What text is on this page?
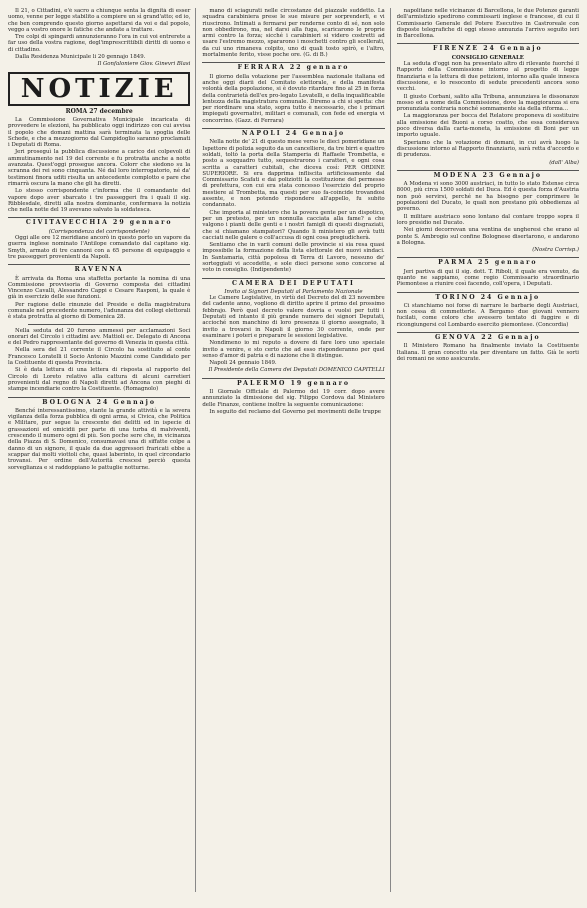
Il 21, o Cittadini, e'è sacro a chiunque senta la dignità di esser uomo, venne per legge stabilito a compiere un sì grand'atto; ed io, che ben comprendo questo giorno aspettarsi da voi e dal popolo, veggo a vostro onore le fatiche che andate a trattare.

Tre colpi di spingardi annunzieranno l'ora in cui voi entrerete a far uso della vostra ragione, degl'imprescrittibili diritti di uomo e di cittadino.

Dalla Residenza Municipale li 20 gennajo 1849.

Il Gonfaloniere Giov. Ginevri Blasi
NOTIZIE
ROMA 27 decembre

La Commissione Governativa Municipale incaricata di provvedere le elezioni, ha pubblicato oggi indirizzo con cui avvisa il popolo che domani mattina sarà terminata la spoglia delle Schede, e che a mezzogiorno dal Campidoglio saranno proclamati i Deputati di Roma.

Jeri proseguì la pubblica discussione a carico dei colpevoli di ammutinamento nel 19 del corrente e fu protratta anche a notte avanzata. Quest'oggi prosegue ancora. Colorr che siedono su la scranna dei rei sono cinquanta. Né dal loro interrogatorio, né da' testimoni finora uditi risulta un antecedente complotto e pare che rimarrà oscura la mano che gli ha diretti.

Lo stesso corrispondente c'informa che il comandante del vapore dopo aver sbarcato i tre passeggeri fra i quali il sig. Ribblesdale, diretti alla nostra dominante, confermava la notizia che nella notte del 19 avevano salvato la soldatesca.

CIVITAVECCHIA 29 gennaro
(Corrispondenza del corrispondente)

Oggi alle ore 12 meridiane ancorò in questo porto un vapore da guerra inglese nominato l'Antilope comandato dal capitano sig. Smyth, armato di tre cannoni con a 65 persone di equipaggio e tre passeggeri provenienti da Napoli.

RAVENNA

È arrivata da Roma una staffetta portante la nomina di una Commissione provvisoria di Governo composta dei cittadini Vincenzo Cavalli, Alessandro Cappi e Cesare Rasponi, la quale è già in esercizio delle sue funzioni.

Per ragione delle rinunzie del Preside e della magistratura comunale nel precedente numero, l'adunanza dei collegi elettorali è stata protratta al giorno di Domenica 28.

Nella seduta del 20 furono ammessi per acclamazioni Soci onorari del Circolo i cittadini avv. Mattioli ec. Delegato di Ancona e del Pedro rappresentante del governo di Venezia in questa città.

Nella sera del 21 corrente il Circolo ha sostituito al conte Francesco Loratelli il Socio Antonio Mazzini come Candidato per la Costituente di questa Provincia.

Si è data lettura di una lettera di risposta al rapporto del Circolo di Loreto relativo alla cattura di alcuni carretieri provenienti dal regno di Napoli diretti ad Ancona con pieghi di stampe incendiarie contro la Costituente. (Romagnolo)

BOLOGNA 24 Gennajo

Benché interessantissimo, stante la grande attività e la severa vigilanza della forza pubblica di ogni arma, si Civica, che Politica e Militare, pur segue la crescente dei delitti ed in ispecie di grassazioni ed omicidii per parte di una turba di malviventi, crescendo il numero ogni di più. Son poche sere che, in vicinanza della Piazza di S. Domenico, consumavasi una di siffatte colpe a danno di un signore, il quale da due aggressori fraricati ebbe a scappar dai molti viottoli che, quasi laberinto, in quel circondario trovansi. Per ordine dell'Autorità crescesi perciò questa sorveglianza e si raddoppiano le pattuglie notturne.

mano di sciagurati nelle circostanze del piazzale suddetto. La squadra carabiniera prese le sue misure per sorprenderli, e vi riuscirono. Intimati a fermarsi per renderne conto di sé, non solo non obbedirono, ma, nel darsi alla fuga, scaricarono le proprie armi contro la forza; sicché i carabinieri si videro costretti ad usare l'estremo mezzo, spararono i moschetti contro gli scellerati, da cui uno rimaneva colpito, uno di quali tosto spirò, e l'altro, mortalmente ferito, visse poche ore. (G. di B.)

FERRARA 22 gennaro

Il giorno della votazione per l'assemblea nazionale italiana ed anche oggi diarii del Comitato elettorale, e della manifesta volontà della popolazione, si è dovuto ritardare fino al 25 in forza della contrarietà dell'ex pro-legato Lovatelli, e della inqualificabile lentezza della magistratura comunale. Diremo a chi si spetta: che per riordinare una stato, sopra tutto è necessario, che i primari impiegati governativi, militari e comunali, con fede ed energia vi concorrino. (Gazz. di Ferrara)

NAPOLI 24 Gennajo

Nella notte de' 21 di questo mese verso le dieci pomeridiane un Ispettore di polizia seguito da un cancelliere, da tre birri e quattro soldati, toltò la porta della Stamperia di Raffaele Trombetta, e posto a soqquadro tutto, sequestrarono i caratteri, e ogni cosa scritta a caratteri cubitali, che diceva così: PER ORDINE SUPERIORE. Si era dapprima infliscita artificiosamente dal Commissario Scafati e dai poliziotti la costituzione del permesso di prefettura, con cui era stata concesso l'esercizio del proprio mestiere al Trombetta, ma questi per suo fa-coincide trovandosi assente, e non potendo rispondere all'appello, fu subito condannato.

Che importa al ministero che la povera gente per un dispotico, per un pretesto, per un nonnulla cacciata alla fame? a che valgono i pianti delle genti e i nostri famigli di questi disgraziati, che si chiamano stampatori? Quando li ministero gli avrà tutti cacciati nelle galere o coll'accusa di ogni cosa pregiudicherà.

Sentiamo che in varii comuni delle provincie si sia resa quasi impossibile la formazione della lista elettorale dei nuovi sindaci. In Santamaria, città popolosa di Terra di Lavoro, nessuno de' sorteggiati vi accedette, e sole dieci persone sono concorse al voto in consiglio. (Indipendente)

CAMERA DEI DEPUTATI
Invito ai Signori Deputati al Parlamento Nazionale

Le Camere Legislative, in virtù del Decreto del di 23 novembre del cadente anno, vogliono di diritto aprire il primo del prossimo febbrajo. Però quel decreto valere dovria e vuolsi per tutti i Deputati ed intanto il più grande numero dei signori Deputati, accioché non manchino di loro presenza il giorno assegnato, li invito a trovarsi in Napoli il giorno 30 corrente, onde per esaminare i poteri e preparare le sessioni legislative.

Nondimeno io mi reputo a dovere di fare loro uno speciale invito a venire, e sto certo che ad esso risponderanno per quel senso d'amor di patria e di nazione che li distingue.

Napoli 24 gennaio 1849.

Il Presidente della Camera dei Deputati DOMENICO CAPITELLI
PALERMO 19 gennaro

Il Giornale Officiale di Palermo del 19 corr. dopo avere annunziato la dimissione del sig. Filippo Cordova dal Ministero delle Finanze, contiene inoltre la seguente comunicazione:

In seguito del reclamo del Governo pei movimenti delle truppe

napolitane nelle vicinanze di Barcellona, le due Potenze garanti dell'armistizio spedirono commissarii inglese e francese, di cui il Commissario Generale del Potere Esecutivo in Castroreale con disposte telegrafiche di oggi stesso annunzia l'arrivo seguito ieri in Barcellona.

FIRENZE 24 Gennajo
CONSIGLIO GENERALE

La seduta d'oggi non ha presentato altro di rilevante fuorché il Rapporto della Commissione intorno al progetto di legge finanziaria e la lettura di due petizioni, intorno alla quale innesca discussione, e lo resoconto di sedute precedenti ancora sono vecchi.

Il giusto Corbani, salito alla Tribuna, annunziava le dissonanze mosso ed a nome della Commissione, dove la maggioranza si era pronunziata contraria nonché sommamente sia della riforma...

La maggioranza per bocca del Relatore proponeva di sostituire alla emissione dei Buoni a corso coatto, che essa considerava poco diversa dalla carta-moneta, la emissione di Boni per un importo uguale.

Speriamo che la votazione di domani, in cui avrà luogo la discussione intorno al Rapporto finanziario, sarà retta d'accordo e di prudenza.

(dall' Alba)
MODENA 23 Gennajo

A Modena vi sono 3000 austriaci, in tutto lo stato Estense circa 8000, più circa 1500 soldati del Duca. Ed è questa forza d'Austria non può servirsi, perché ne ha bisogno per comprimere le popolazioni del Ducato, le quali non prestano più obbedienza al governo.

Il militare austriaco sono lontano dal contare troppo sopra il loro presidio nel Ducato.

Nei giorni decorrevan una ventina de ungheresi che erano al ponte S. Ambrogio sul confine Bolognese disertarono, e andarono a Bologna.

(Nostra Corrisp.)
PARMA 25 gennaro

Jeri partiva di qui il sig. dott. T. Riboli, il quale era venuto, da quanto ne sappiamo, come regio Commissario straordinario Piemontese a riunire così facendo, coll'opera, i Deputati.

TORINO 24 Gennajo

Ci stanchiamo noi forse di narrare le barbarie degli Austriaci, non cessa di commetterle. A Bergamo due giovani vennero fucilati, come coloro che avessero tentato di fuggire e di ricongiungersi col Lombardo esercito piemontese. (Concordia)

GENOVA 22 Gennajo

Il Ministero Romano ha finalmente inviato la Costituente Italiana. Il gran concetto sta per diventare un fatto. Già le sorti dei romani ne sono assicurate.
